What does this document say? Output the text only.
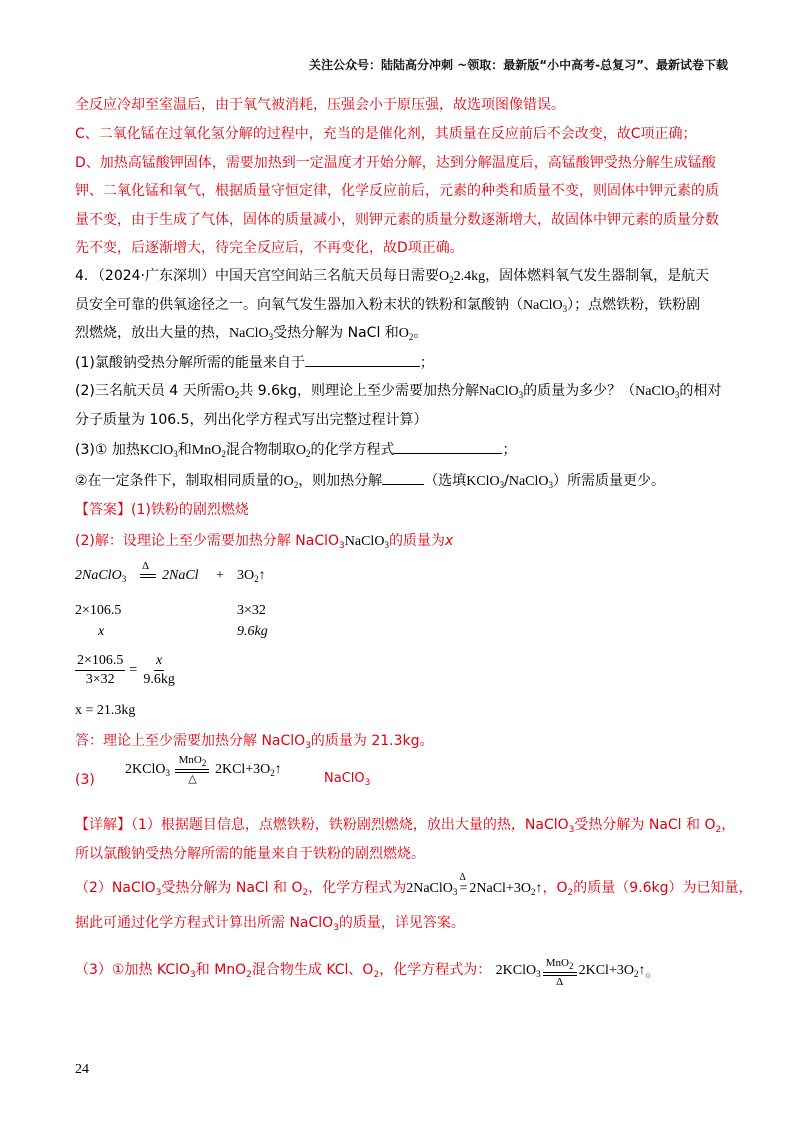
关注公众号：陆陆高分冲刺 ~领取：最新版“小中高考-总复习”、最新试卷下载
全反应冷却至室温后，由于氧气被消耗，压强会小于原压强，故选项图像错误。
C、二氧化锰在过氧化氢分解的过程中，充当的是催化剂，其质量在反应前后不会改变，故C项正确；
D、加热高锰酸钾固体，需要加热到一定温度才开始分解，达到分解温度后，高锰酸钾受热分解生成锰酸
钾、二氧化锰和氧气，根据质量守恒定律，化学反应前后，元素的种类和质量不变，则固体中钾元素的质
量不变，由于生成了气体，固体的质量减小，则钾元素的质量分数逐渐增大，故固体中钾元素的质量分数
先不变，后逐渐增大，待完全反应后，不再变化，故D项正确。
4．（2024·广东深圳）中国天宫空间站三名航天员每日需要$O_22.4kg$，固体燃料氧气发生器制氧，是航天
员安全可靠的供氧途径之一。向氧气发生器加入粉末状的铁粉和氯酸钠（NaClO$_3$）；点燃铁粉，铁粉剧
烈燃烧，放出大量的热，NaClO$_3$受热分解为 NaCl 和$O_2$。
(1)氯酸钠受热分解所需的能量来自于	；
(2)三名航天员 4 天所需$O_2$共 9.6kg，则理论上至少需要加热分解NaClO$_3$的质量为多少？（NaClO$_3$的相对
分子质量为 106.5，列出化学方程式写出完整过程计算）
(3)① 加热KClO$_3$和MnO$_2$混合物制取$O_2$的化学方程式	；
②在一定条件下，制取相同质量的$O_2$，则加热分解	（选填KClO$_3$/NaClO$_3$）所需质量更少。
【答案】(1)铁粉的剧烈燃烧
(2)解：设理论上至少需要加热分解 NaClO$_3$NaClO$_3$的质量为x
2NaClO$_3$
Δ
2NaCl + $3O_2↑$
2×106.5	3×32
x	9.6kg
$\frac{2\times 106.5}{3\times 32} = \frac{x}{9.6kg}$
x = 21.3kg
答：理论上至少需要加热分解 NaClO$_3$的质量为 21.3kg。
(3)
2KClO$_3$
MnO$_2$
△
$2KCl+3O_2↑$
NaClO$_3$
【详解】（1）根据题目信息，点燃铁粉，铁粉剧烈燃烧，放出大量的热，NaClO$_3$受热分解为 NaCl 和 $O_2$，
所以氯酸钠受热分解所需的能量来自于铁粉的剧烈燃烧。
（2）NaClO$_3$受热分解为 NaCl 和 $O_2$，化学方程式为2NaClO$_3$
Δ
= $2NaCl+3O_2↑$，$O_2$的质量（9.6kg）为已知量，
据此可通过化学方程式计算出所需 NaClO$_3$的质量，详见答案。
（3）①加热 KClO$_3$和 MnO$_2$混合物生成 KCl、$O_2$，化学方程式为： 2KClO$_3$
MnO$_2$
Δ
$2KCl+3O_2↑$。
24
